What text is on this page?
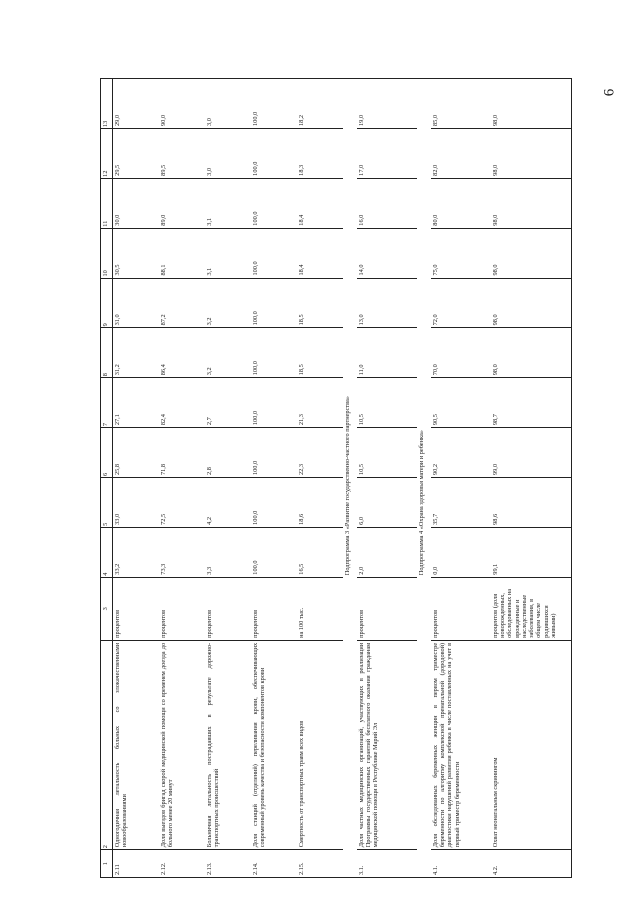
6
1	2	3	4	5	6	7	8	9	10	11	12	13
2.11	Одногодичная летальность больных со злокачественными новообразованиями	процентов	33,2	33,0	25,8	27,1	31,2	31,0	30,5	30,0	29,5	29,0
2.12.	Доля выездов бригад скорой медицинской помощи со временем доезда до больного менее 20 минут	процентов	73,3	72,5	71,8	82,4	86,4	87,2	88,1	89,0	89,5	90,0
2.13.	Больничная летальность пострадавших в результате дорожно-транспортных происшествий	процентов	3,3	4,2	2,8	2,7	3,2	3,2	3,1	3,1	3,0	3,0
2.14.	Доля станций (отделений) переливания крови, обеспечивающих современный уровень качества и безопасности компонентов крови	процентов	100,0	100,0	100,0	100,0	100,0	100,0	100,0	100,0	100,0	100,0
2.15.	Смертность от транспортных травм всех видов	на 100 тыс.	16,5	18,6	22,3	21,3	18,5	18,5	18,4	18,4	18,3	18,2
			Подпрограмма 3 «Развитие государственно-частного партнерства»									
3.1.	Доля частных медицинских организаций, участвующих в реализации Программы государственных гарантий бесплатного оказания гражданам медицинской помощи в Республике Марий Эл	процентов	2,0	6,0	10,5	10,5	11,0	13,0	14,0	16,0	17,0	19,0
			Подпрограмма 4 «Охрана здоровья матери и ребенка»									
4.1.	Доля обследованных беременных женщин в первом триместре беременности по алгоритму комплексной пренатальной (дородовой) диагностики нарушений развития ребенка в числе поставленных на учет в первый триместр беременности	процентов	0,0	35,7	90,2	90,5	70,0	72,0	75,0	80,0	82,0	85,0
4.2.	Охват неонатальным скринингом	процентов (доля новорожденных, обследованных на врожденные и наследственные заболевания, в общем числе родившихся живыми)	99,1	98,6	99,0	98,7	98,0	98,0	98,0	98,0	98,0	98,0
